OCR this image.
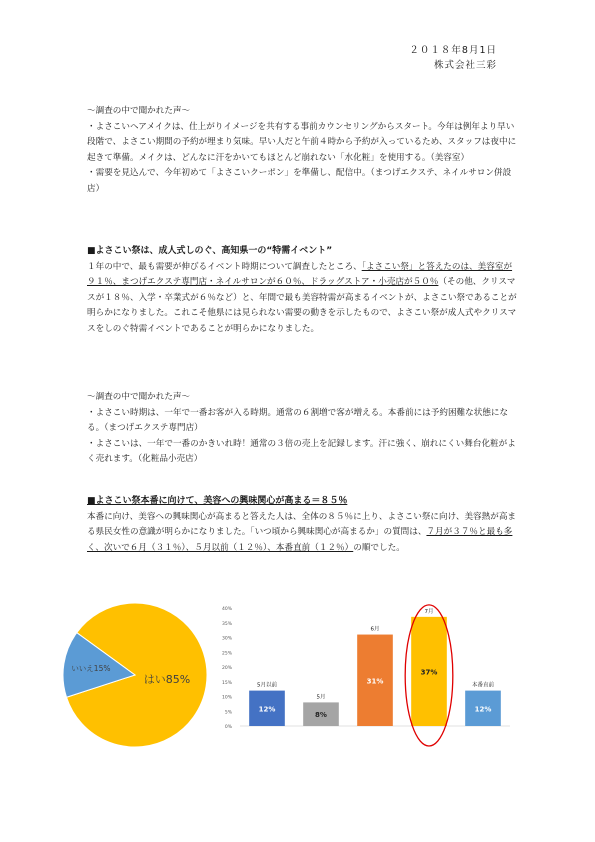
２０１８年8月1日
株式会社三彩

〜調査の中で聞かれた声〜

・よさこいヘアメイクは、仕上がりイメージを共有する事前カウンセリングからスタート。今年は例年より早い段階で、よさこい期間の予約が埋まり気味。早い人だと午前４時から予約が入っているため、スタッフは夜中に起きて準備。メイクは、どんなに汗をかいてもほとんど崩れない「水化粧」を使用する。（美容室）

・需要を見込んで、今年初めて「よさこいクーポン」を準備し、配信中。（まつげエクステ、ネイルサロン併設店）

■よさこい祭は、成人式しのぐ、高知県一の“特需イベント”

１年の中で、最も需要が伸びるイベント時期について調査したところ、「よさこい祭」と答えたのは、美容室が９１％、まつげエクステ専門店・ネイルサロンが６０％、ドラッグストア・小売店が５０％（その他、クリスマスが１８％、入学・卒業式が６％など）と、年間で最も美容特需が高まるイベントが、よさこい祭であることが明らかになりました。これこそ他県には見られない需要の動きを示したもので、よさこい祭が成人式やクリスマスをしのぐ特需イベントであることが明らかになりました。

〜調査の中で聞かれた声〜

・よさこい時期は、一年で一番お客が入る時期。通常の６割増で客が増える。本番前には予約困難な状態になる。（まつげエクステ専門店）

・よさこいは、一年で一番のかきいれ時！通常の３倍の売上を記録します。汗に強く、崩れにくい舞台化粧がよく売れます。（化粧品小売店）

■よさこい祭本番に向けて、美容への興味関心が高まる＝８５％

本番に向け、美容への興味関心が高まると答えた人は、全体の８５％に上り、よさこい祭に向け、美容熱が高まる県民女性の意識が明らかになりました。「いつ頃から興味関心が高まるか」の質問は、７月が３７％と最も多く、次いで６月（３１％）、５月以前（１２％）、本番直前（１２％）の順でした。

はい85%
いいえ15%
0%
5%
10%
15%
20%
25%
30%
35%
40%
12%
5月以前
8%
5月
31%
6月
37%
7月
12%
本番直前
